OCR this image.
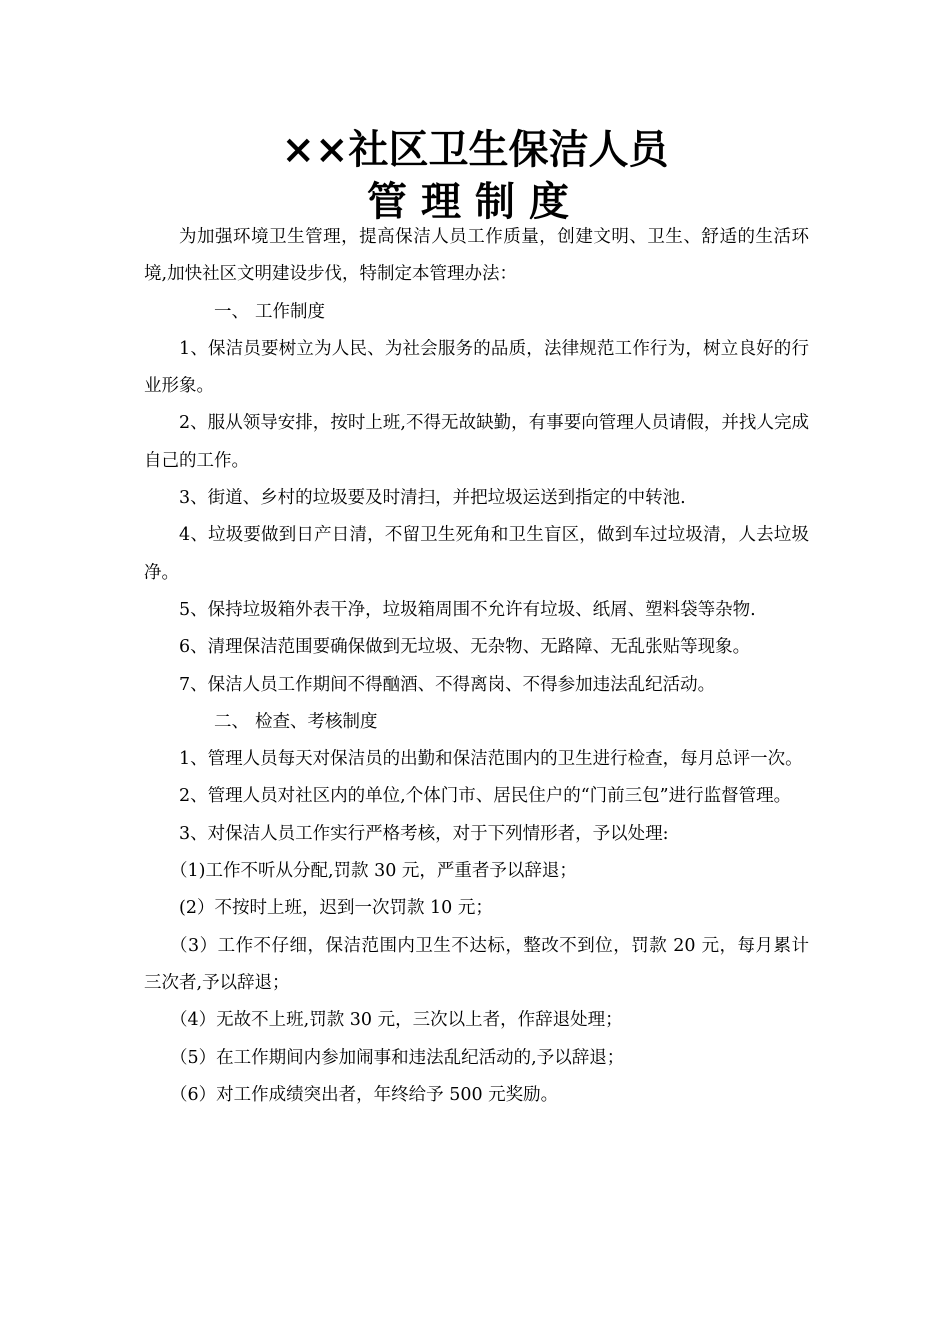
××社区卫生保洁人员
管理制度

为加强环境卫生管理，提高保洁人员工作质量，创建文明、卫生、舒适的生活环境,加快社区文明建设步伐，特制定本管理办法：

一、 工作制度

1、保洁员要树立为人民、为社会服务的品质，法律规范工作行为，树立良好的行业形象。

2、服从领导安排，按时上班,不得无故缺勤，有事要向管理人员请假，并找人完成自己的工作。

3、街道、乡村的垃圾要及时清扫，并把垃圾运送到指定的中转池.

4、垃圾要做到日产日清，不留卫生死角和卫生盲区，做到车过垃圾清，人去垃圾净。

5、保持垃圾箱外表干净，垃圾箱周围不允许有垃圾、纸屑、塑料袋等杂物.

6、清理保洁范围要确保做到无垃圾、无杂物、无路障、无乱张贴等现象。

7、保洁人员工作期间不得酗酒、不得离岗、不得参加违法乱纪活动。

二、 检查、考核制度

1、管理人员每天对保洁员的出勤和保洁范围内的卫生进行检查，每月总评一次。

2、管理人员对社区内的单位,个体门市、居民住户的“门前三包”进行监督管理。

3、对保洁人员工作实行严格考核，对于下列情形者，予以处理:

（1)工作不听从分配,罚款 30 元，严重者予以辞退；

(2）不按时上班，迟到一次罚款 10 元；

（3）工作不仔细，保洁范围内卫生不达标，整改不到位，罚款 20 元，每月累计三次者,予以辞退；

（4）无故不上班,罚款 30 元，三次以上者，作辞退处理；

（5）在工作期间内参加闹事和违法乱纪活动的,予以辞退；

（6）对工作成绩突出者，年终给予 500 元奖励。
